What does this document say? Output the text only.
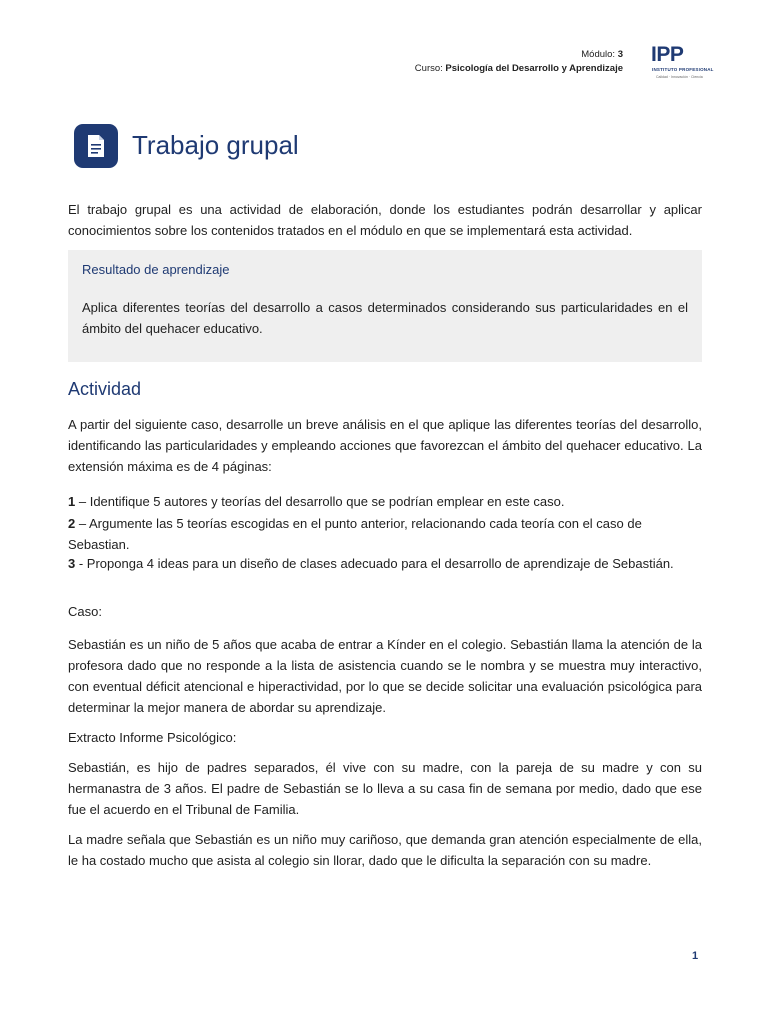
Módulo: 3
Curso: Psicología del Desarrollo y Aprendizaje
IPP
INSTITUTO PROFESIONAL
Calidad · Innovación · Ciencia
Trabajo grupal

El trabajo grupal es una actividad de elaboración, donde los estudiantes podrán desarrollar y aplicar conocimientos sobre los contenidos tratados en el módulo en que se implementará esta actividad.

Resultado de aprendizaje
Aplica diferentes teorías del desarrollo a casos determinados considerando sus particularidades en el ámbito del quehacer educativo.
Actividad

A partir del siguiente caso, desarrolle un breve análisis en el que aplique las diferentes teorías del desarrollo, identificando las particularidades y empleando acciones que favorezcan el ámbito del quehacer educativo. La extensión máxima es de 4 páginas:

1 – Identifique 5 autores y teorías del desarrollo que se podrían emplear en este caso.
2 – Argumente las 5 teorías escogidas en el punto anterior, relacionando cada teoría con el caso de Sebastian.
3 - Proponga 4 ideas para un diseño de clases adecuado para el desarrollo de aprendizaje de Sebastián.

Caso:

Sebastián es un niño de 5 años que acaba de entrar a Kínder en el colegio. Sebastián llama la atención de la profesora dado que no responde a la lista de asistencia cuando se le nombra y se muestra muy interactivo, con eventual déficit atencional e hiperactividad, por lo que se decide solicitar una evaluación psicológica para determinar la mejor manera de abordar su aprendizaje.

Extracto Informe Psicológico:

Sebastián, es hijo de padres separados, él vive con su madre, con la pareja de su madre y con su hermanastra de 3 años. El padre de Sebastián se lo lleva a su casa fin de semana por medio, dado que ese fue el acuerdo en el Tribunal de Familia.

La madre señala que Sebastián es un niño muy cariñoso, que demanda gran atención especialmente de ella, le ha costado mucho que asista al colegio sin llorar, dado que le dificulta la separación con su madre.

1
